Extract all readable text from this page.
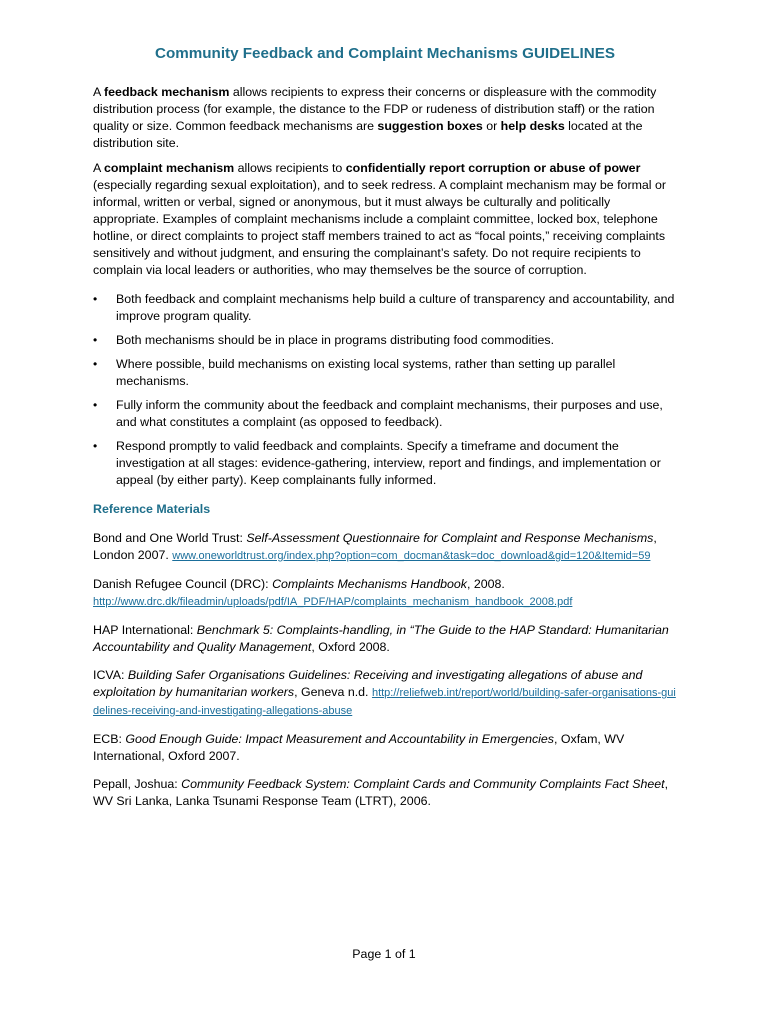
Community Feedback and Complaint Mechanisms GUIDELINES

A feedback mechanism allows recipients to express their concerns or displeasure with the commodity distribution process (for example, the distance to the FDP or rudeness of distribution staff) or the ration quality or size. Common feedback mechanisms are suggestion boxes or help desks located at the distribution site.

A complaint mechanism allows recipients to confidentially report corruption or abuse of power (especially regarding sexual exploitation), and to seek redress. A complaint mechanism may be formal or informal, written or verbal, signed or anonymous, but it must always be culturally and politically appropriate. Examples of complaint mechanisms include a complaint committee, locked box, telephone hotline, or direct complaints to project staff members trained to act as “focal points,” receiving complaints sensitively and without judgment, and ensuring the complainant’s safety. Do not require recipients to complain via local leaders or authorities, who may themselves be the source of corruption.

• Both feedback and complaint mechanisms help build a culture of transparency and accountability, and improve program quality.
• Both mechanisms should be in place in programs distributing food commodities.
• Where possible, build mechanisms on existing local systems, rather than setting up parallel mechanisms.
• Fully inform the community about the feedback and complaint mechanisms, their purposes and use, and what constitutes a complaint (as opposed to feedback).
• Respond promptly to valid feedback and complaints. Specify a timeframe and document the investigation at all stages: evidence-gathering, interview, report and findings, and implementation or appeal (by either party). Keep complainants fully informed.
Reference Materials

Bond and One World Trust: Self-Assessment Questionnaire for Complaint and Response Mechanisms, London 2007. www.oneworldtrust.org/index.php?option=com_docman&task=doc_download&gid=120&Itemid=59

Danish Refugee Council (DRC): Complaints Mechanisms Handbook, 2008.
http://www.drc.dk/fileadmin/uploads/pdf/IA_PDF/HAP/complaints_mechanism_handbook_2008.pdf

HAP International: Benchmark 5: Complaints-handling, in “The Guide to the HAP Standard: Humanitarian Accountability and Quality Management, Oxford 2008.

ICVA: Building Safer Organisations Guidelines: Receiving and investigating allegations of abuse and exploitation by humanitarian workers, Geneva n.d. http://reliefweb.int/report/world/building-safer-organisations-guidelines-receiving-and-investigating-allegations-abuse

ECB: Good Enough Guide: Impact Measurement and Accountability in Emergencies, Oxfam, WV International, Oxford 2007.

Pepall, Joshua: Community Feedback System: Complaint Cards and Community Complaints Fact Sheet, WV Sri Lanka, Lanka Tsunami Response Team (LTRT), 2006.

Page 1 of 1
